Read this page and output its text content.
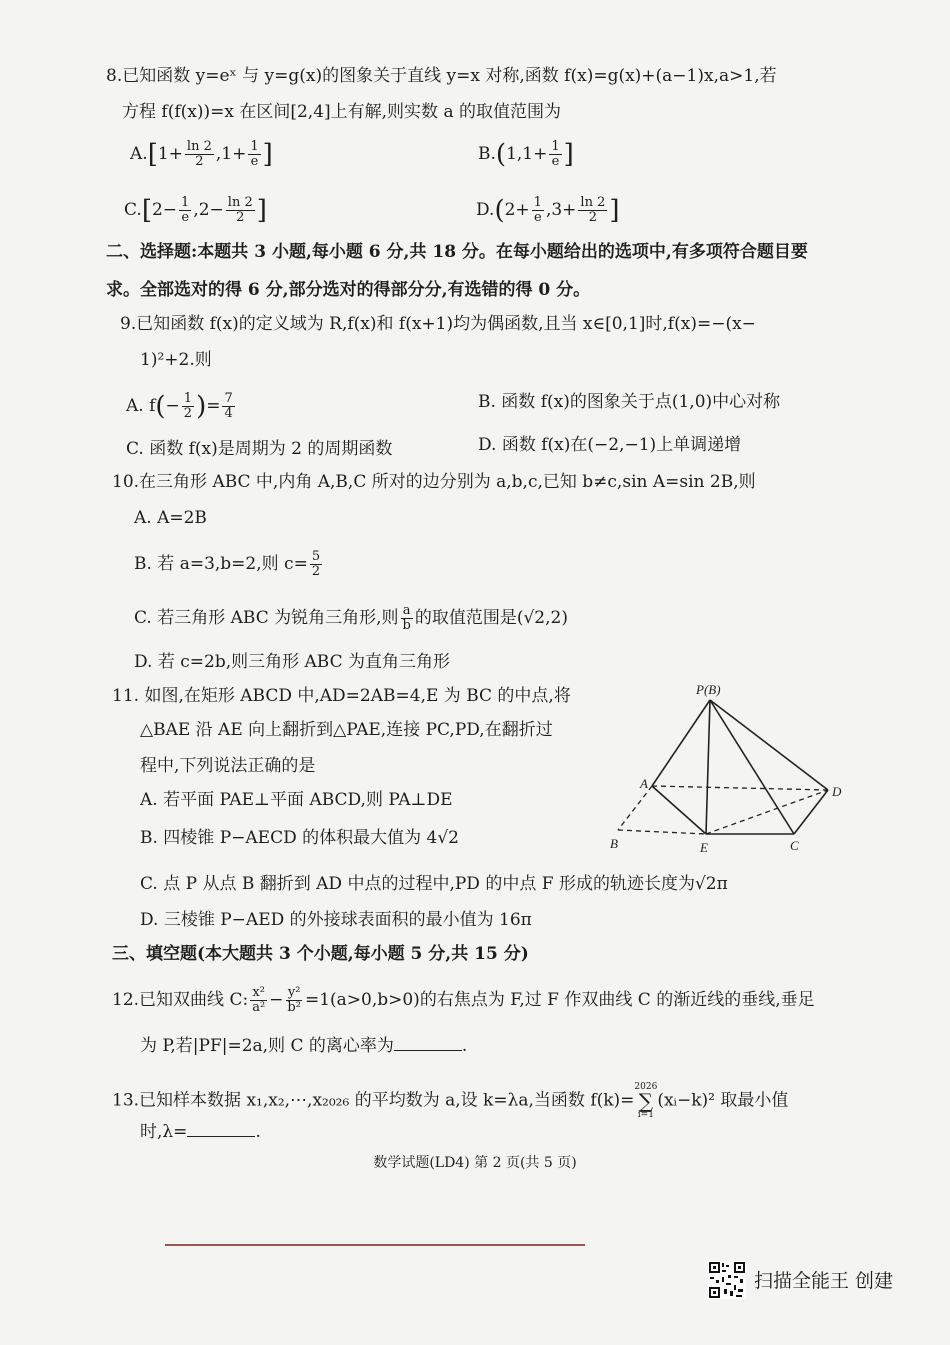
8.已知函数 y=eˣ 与 y=g(x)的图象关于直线 y=x 对称,函数 f(x)=g(x)+(a−1)x,a>1,若
方程 f(f(x))=x 在区间[2,4]上有解,则实数 a 的取值范围为
$A.[1+ \frac{\ln 2}{2} ,1+ \frac{1}{e}$ ]	$B.(1,1+ \frac{1}{e}$ ]
$C.[2- \frac{1}{e} ,2- \frac{\ln 2}{2}$ ]	$D.(2+ \frac{1}{e} ,3+ \frac{\ln 2}{2}$ ]
二、选择题:本题共 3 小题,每小题 6 分,共 18 分。在每小题给出的选项中,有多项符合题目要
求。全部选对的得 6 分,部分选对的得部分分,有选错的得 0 分。
9.已知函数 f(x)的定义域为 R,f(x)和 f(x+1)均为偶函数,且当 x∈[0,1]时,f(x)=−(x−
1)²+2.则
A. $f(- \frac{1}{2}$ )= $\frac{7}{4}$	B. 函数 f(x)的图象关于点(1,0)中心对称
C. 函数 f(x)是周期为 2 的周期函数	D. 函数 f(x)在(−2,−1)上单调递增
10.在三角形 ABC 中,内角 A,B,C 所对的边分别为 a,b,c,已知 b≠c,sin A=sin 2B,则
A. A=2B
B. 若 a=3,b=2,则 $c= \frac{5}{2}$
C. 若三角形 ABC 为锐角三角形,则 $\frac{a}{b}$ 的取值范围是(√2,2)
D. 若 c=2b,则三角形 ABC 为直角三角形
11. 如图,在矩形 ABCD 中,AD=2AB=4,E 为 BC 的中点,将
△BAE 沿 AE 向上翻折到△PAE,连接 PC,PD,在翻折过
程中,下列说法正确的是
A. 若平面 PAE⊥平面 ABCD,则 PA⊥DE
B. 四棱锥 P−AECD 的体积最大值为 4√2
C. 点 P 从点 B 翻折到 AD 中点的过程中,PD 的中点 F 形成的轨迹长度为√2π
D. 三棱锥 P−AED 的外接球表面积的最小值为 16π
P(B)
A
D
B	E	C
三、填空题(本大题共 3 个小题,每小题 5 分,共 15 分)
12.已知双曲线 C: $\frac{\text{x²}}{\text{a²}} - \frac{\text{y²}}{\text{b²}} =1(a>0,b>0)$的右焦点为 F,过 F 作双曲线 C 的渐近线的垂线,垂足
为 P,若|PF|=2a,则 C 的离心率为	.
13.已知样本数据 x₁,x₂,⋯,x₂₀₂₆ 的平均数为 a,设 k=λa,当函数 f(k)=
2026
∑
i=1
(xᵢ−k)² 取最小值
时,λ=	.
数学试题(LD4) 第 2 页(共 5 页)
扫描全能王 创建
